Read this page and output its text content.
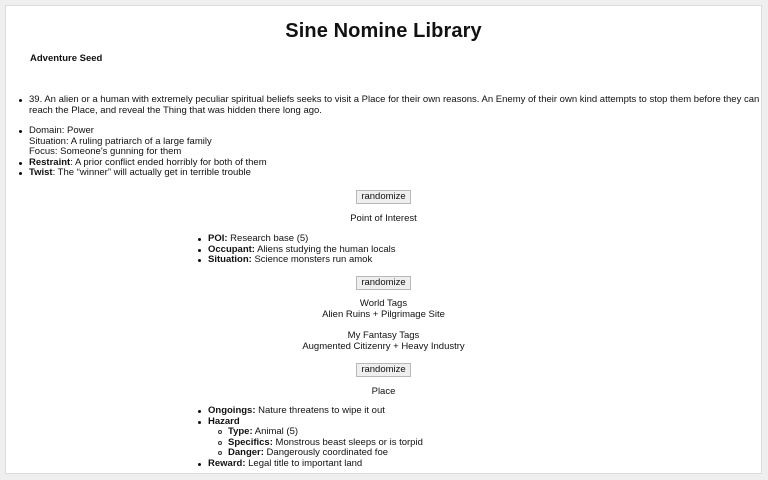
Sine Nomine Library
Adventure Seed
39. An alien or a human with extremely peculiar spiritual beliefs seeks to visit a Place for their own reasons. An Enemy of their own kind attempts to stop them before they can reach the Place, and reveal the Thing that was hidden there long ago.
Domain: Power
Situation: A ruling patriarch of a large family
Focus: Someone's gunning for them
Restraint: A prior conflict ended horribly for both of them
Twist: The “winner” will actually get in terrible trouble
randomize
Point of Interest
POI: Research base (5)
Occupant: Aliens studying the human locals
Situation: Science monsters run amok
randomize
World Tags
Alien Ruins + Pilgrimage Site
My Fantasy Tags
Augmented Citizenry + Heavy Industry
randomize
Place
Ongoings: Nature threatens to wipe it out
Hazard
Type: Animal (5)
Specifics: Monstrous beast sleeps or is torpid
Danger: Dangerously coordinated foe
Reward: Legal title to important land
